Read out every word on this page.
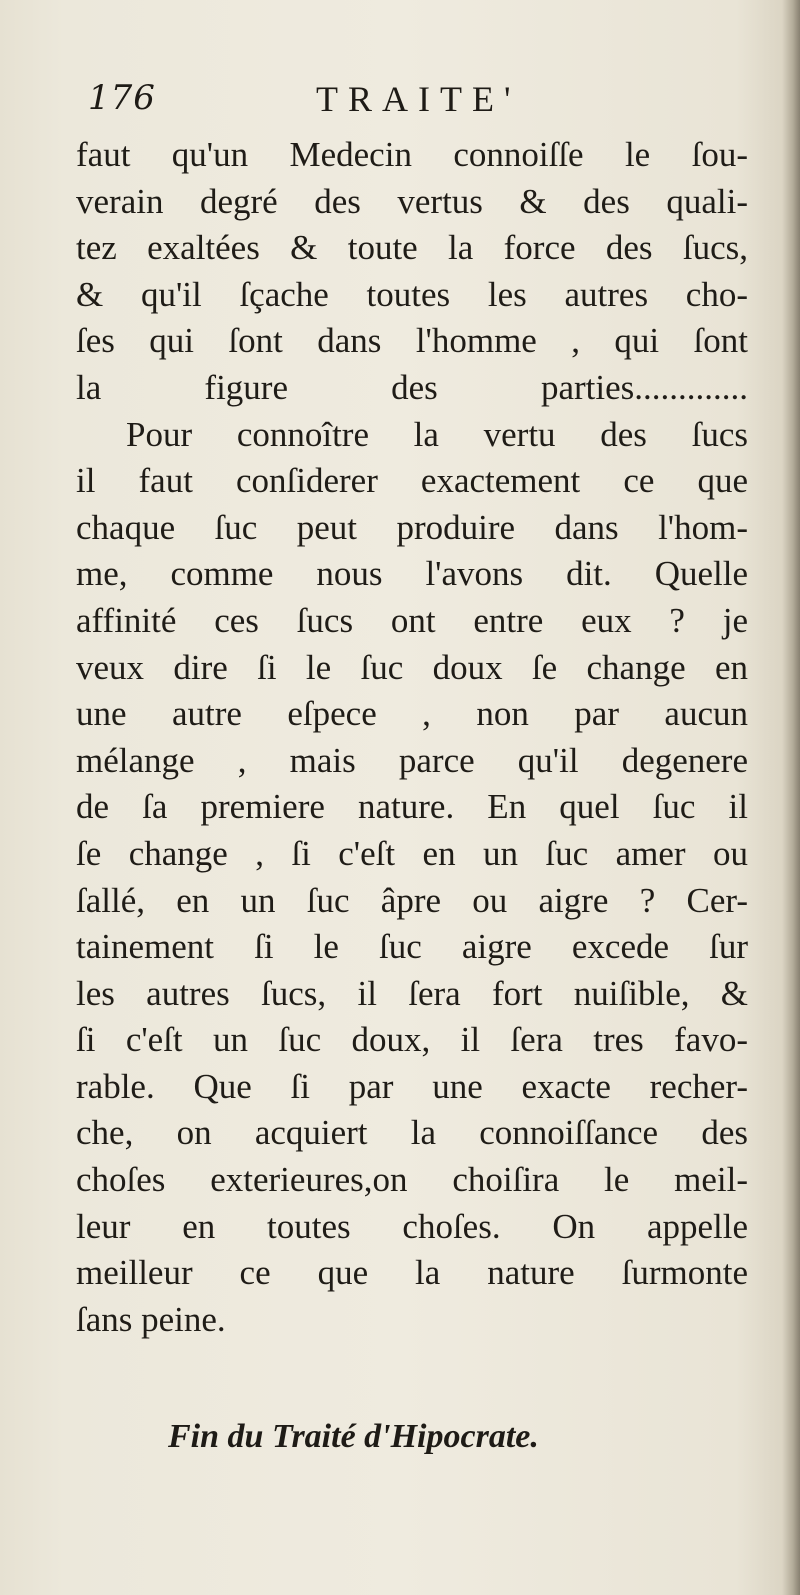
176	TRAITE'
faut qu'un Medecin connoiſſe le ſou-
verain degré des vertus & des quali-
tez exaltées & toute la force des ſucs,
& qu'il ſçache toutes les autres cho-
ſes qui ſont dans l'homme , qui ſont
la figure des parties.............
Pour connoître la vertu des ſucs
il faut conſiderer exactement ce que
chaque ſuc peut produire dans l'hom-
me, comme nous l'avons dit. Quelle
affinité ces ſucs ont entre eux ? je
veux dire ſi le ſuc doux ſe change en
une autre eſpece , non par aucun
mélange , mais parce qu'il degenere
de ſa premiere nature. En quel ſuc il
ſe change , ſi c'eſt en un ſuc amer ou
ſallé, en un ſuc âpre ou aigre ? Cer-
tainement ſi le ſuc aigre excede ſur
les autres ſucs, il ſera fort nuiſible, &
ſi c'eſt un ſuc doux, il ſera tres favo-
rable. Que ſi par une exacte recher-
che, on acquiert la connoiſſance des
choſes exterieures,on choiſira le meil-
leur en toutes choſes. On appelle
meilleur ce que la nature ſurmonte
ſans peine.
Fin du Traité d'Hipocrate.
